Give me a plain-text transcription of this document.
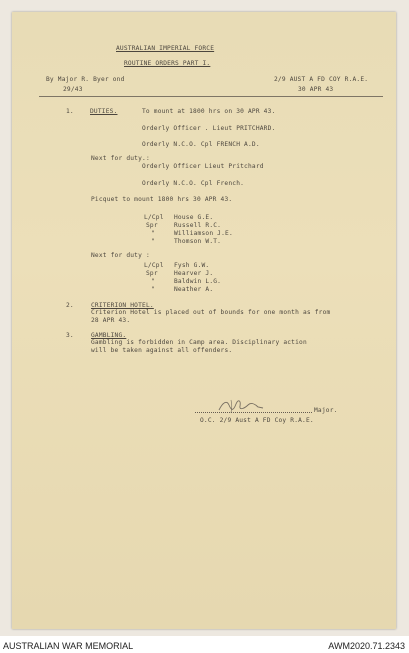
AUSTRALIAN IMPERIAL FORCE
ROUTINE ORDERS PART I.
By Major R. Byer ond	2/9 AUST A FD COY R.A.E.
29/43	30 APR 43
1.	DUTIES.	To mount at 1800 hrs on 30 APR 43.
Orderly Officer . Lieut PRITCHARD.
Orderly N.C.O. Cpl FRENCH A.D.
Next for duty.:
Orderly Officer Lieut Pritchard
Orderly N.C.O. Cpl French.
Picquet to mount 1800 hrs 30 APR 43.
L/Cpl House G.E.
Spr	Russell R.C.
"	Williamson J.E.
"	Thomson W.T.
Next for duty :
L/Cpl Fysh G.W.
Spr	Hearver J.
"	Baldwin L.G.
"	Neather A.
2.	CRITERION HOTEL.
Criterion Hotel is placed out of bounds for one month as from
28 APR 43.
3.	GAMBLING.
Gambling is forbidden in Camp area. Disciplinary action
will be taken against all offenders.
Major.
O.C. 2/9 Aust A FD Coy R.A.E.
AUSTRALIAN WAR MEMORIAL	AWM2020.71.2343
